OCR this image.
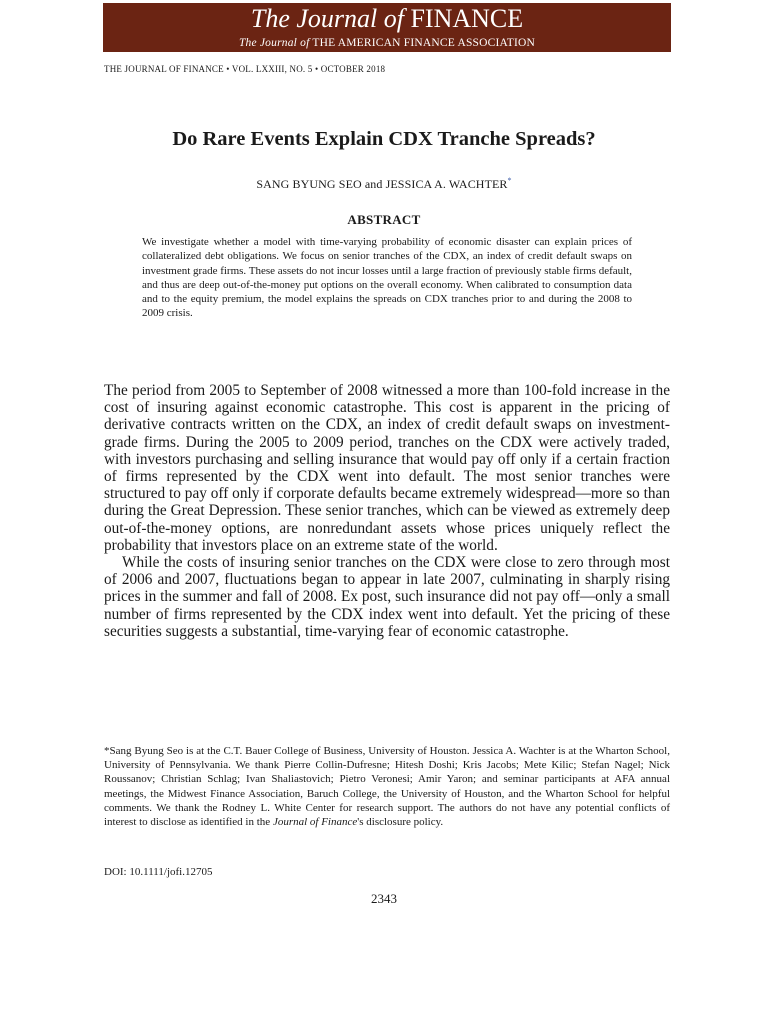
The Journal of FINANCE
The Journal of THE AMERICAN FINANCE ASSOCIATION
THE JOURNAL OF FINANCE • VOL. LXXIII, NO. 5 • OCTOBER 2018
Do Rare Events Explain CDX Tranche Spreads?
SANG BYUNG SEO and JESSICA A. WACHTER*
ABSTRACT
We investigate whether a model with time-varying probability of economic disaster can explain prices of collateralized debt obligations. We focus on senior tranches of the CDX, an index of credit default swaps on investment grade firms. These assets do not incur losses until a large fraction of previously stable firms default, and thus are deep out-of-the-money put options on the overall economy. When calibrated to consumption data and to the equity premium, the model explains the spreads on CDX tranches prior to and during the 2008 to 2009 crisis.

The period from 2005 to September of 2008 witnessed a more than 100-fold increase in the cost of insuring against economic catastrophe. This cost is apparent in the pricing of derivative contracts written on the CDX, an index of credit default swaps on investment-grade firms. During the 2005 to 2009 period, tranches on the CDX were actively traded, with investors purchasing and selling insurance that would pay off only if a certain fraction of firms represented by the CDX went into default. The most senior tranches were structured to pay off only if corporate defaults became extremely widespread—more so than during the Great Depression. These senior tranches, which can be viewed as extremely deep out-of-the-money options, are nonredundant assets whose prices uniquely reflect the probability that investors place on an extreme state of the world.

While the costs of insuring senior tranches on the CDX were close to zero through most of 2006 and 2007, fluctuations began to appear in late 2007, culminating in sharply rising prices in the summer and fall of 2008. Ex post, such insurance did not pay off—only a small number of firms represented by the CDX index went into default. Yet the pricing of these securities suggests a substantial, time-varying fear of economic catastrophe.

*Sang Byung Seo is at the C.T. Bauer College of Business, University of Houston. Jessica A. Wachter is at the Wharton School, University of Pennsylvania. We thank Pierre Collin-Dufresne; Hitesh Doshi; Kris Jacobs; Mete Kilic; Stefan Nagel; Nick Roussanov; Christian Schlag; Ivan Shaliastovich; Pietro Veronesi; Amir Yaron; and seminar participants at AFA annual meetings, the Midwest Finance Association, Baruch College, the University of Houston, and the Wharton School for helpful comments. We thank the Rodney L. White Center for research support. The authors do not have any potential conflicts of interest to disclose as identified in the Journal of Finance's disclosure policy.

DOI: 10.1111/jofi.12705
2343
